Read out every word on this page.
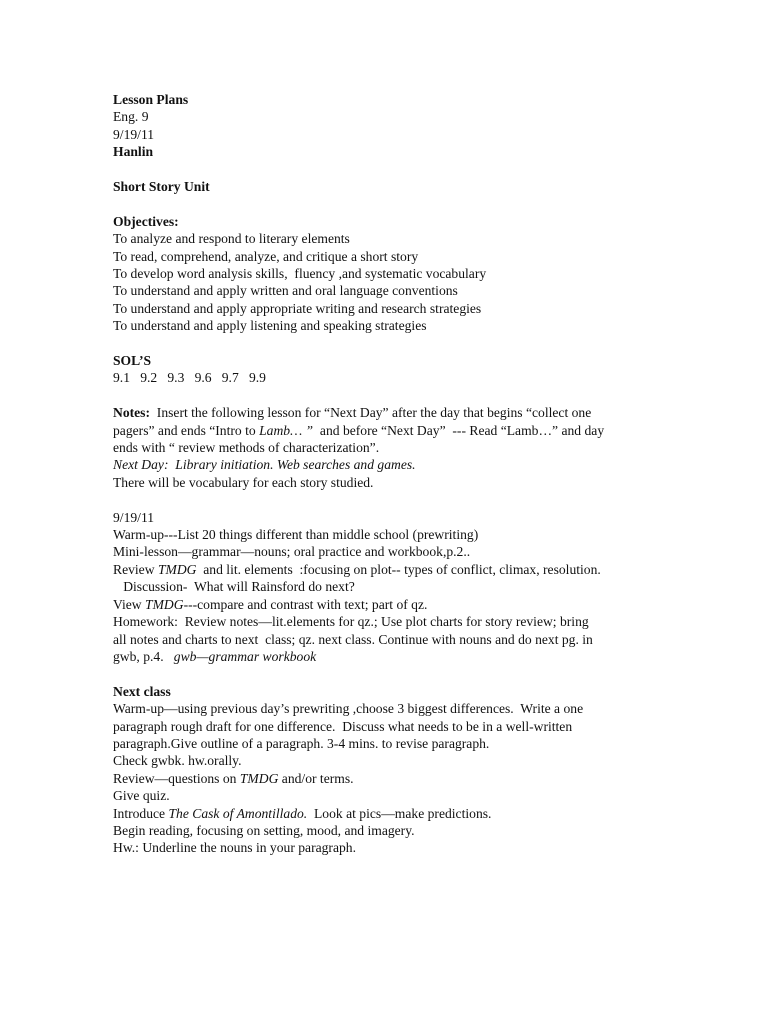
Lesson Plans
Eng. 9
9/19/11
Hanlin
Short Story Unit
Objectives:
To analyze and respond to literary elements
To read, comprehend, analyze, and critique a short story
To develop word analysis skills,  fluency ,and systematic vocabulary
To understand and apply written and oral language conventions
To understand and apply appropriate writing and research strategies
To understand and apply listening and speaking strategies
SOL’S
9.1   9.2   9.3   9.6   9.7   9.9
Notes:  Insert the following lesson for “Next Day” after the day that begins “collect one
pagers” and ends “Intro to Lamb… ”  and before “Next Day”  --- Read “Lamb…” and day
ends with “ review methods of characterization”.
Next Day:  Library initiation. Web searches and games.
There will be vocabulary for each story studied.
9/19/11
Warm-up---List 20 things different than middle school (prewriting)
Mini-lesson—grammar—nouns; oral practice and workbook,p.2..
Review TMDG  and lit. elements  :focusing on plot-- types of conflict, climax, resolution.
Discussion-  What will Rainsford do next?
View TMDG---compare and contrast with text; part of qz.
Homework:  Review notes—lit.elements for qz.; Use plot charts for story review; bring
all notes and charts to next  class; qz. next class. Continue with nouns and do next pg. in
gwb, p.4.   gwb—grammar workbook
Next class
Warm-up—using previous day’s prewriting ,choose 3 biggest differences.  Write a one
paragraph rough draft for one difference.  Discuss what needs to be in a well-written
paragraph.Give outline of a paragraph. 3-4 mins. to revise paragraph.
Check gwbk. hw.orally.
Review—questions on TMDG and/or terms.
Give quiz.
Introduce The Cask of Amontillado.  Look at pics—make predictions.
Begin reading, focusing on setting, mood, and imagery.
Hw.: Underline the nouns in your paragraph.
